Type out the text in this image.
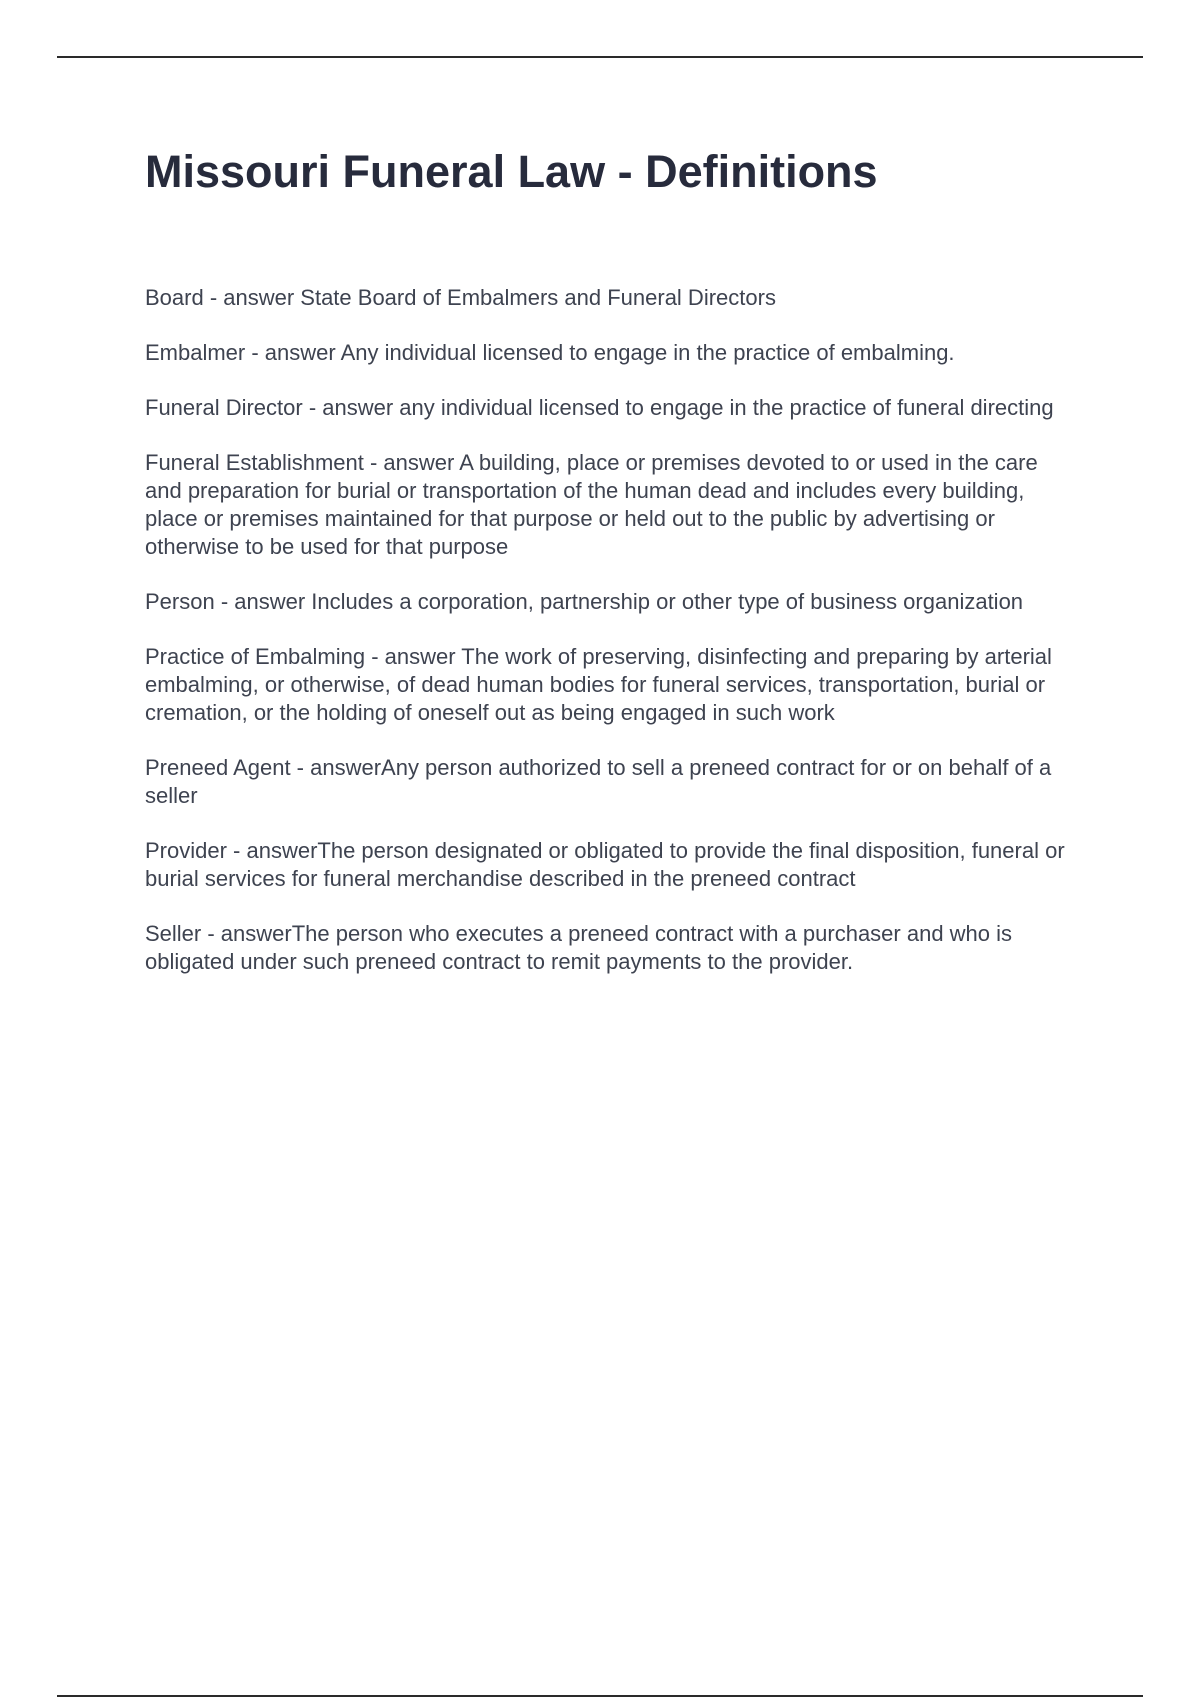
Missouri Funeral Law - Definitions
Board - answer State Board of Embalmers and Funeral Directors
Embalmer - answer Any individual licensed to engage in the practice of embalming.
Funeral Director - answer any individual licensed to engage in the practice of funeral directing
Funeral Establishment - answer A building, place or premises devoted to or used in the care and preparation for burial or transportation of the human dead and includes every building, place or premises maintained for that purpose or held out to the public by advertising or otherwise to be used for that purpose
Person - answer Includes a corporation, partnership or other type of business organization
Practice of Embalming - answer The work of preserving, disinfecting and preparing by arterial embalming, or otherwise, of dead human bodies for funeral services, transportation, burial or cremation, or the holding of oneself out as being engaged in such work
Preneed Agent - answerAny person authorized to sell a preneed contract for or on behalf of a seller
Provider - answerThe person designated or obligated to provide the final disposition, funeral or burial services for funeral merchandise described in the preneed contract
Seller - answerThe person who executes a preneed contract with a purchaser and who is obligated under such preneed contract to remit payments to the provider.
